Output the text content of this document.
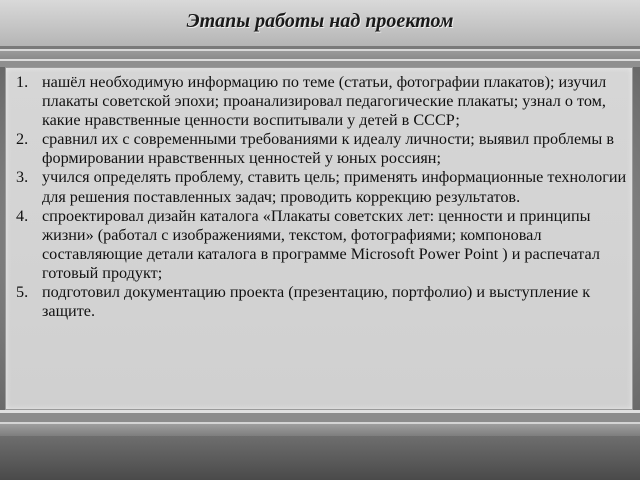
Этапы работы над проектом
нашёл необходимую информацию по теме (статьи, фотографии плакатов); изучил плакаты советской эпохи; проанализировал педагогические плакаты; узнал о том, какие нравственные ценности воспитывали у детей в СССР;
сравнил их с современными требованиями к идеалу личности; выявил проблемы в формировании нравственных ценностей у юных россиян;
учился определять проблему, ставить цель; применять информационные технологии для решения поставленных задач; проводить коррекцию результатов.
спроектировал дизайн каталога «Плакаты советских лет: ценности и принципы жизни» (работал с изображениями, текстом, фотографиями; компоновал составляющие детали каталога в программе Microsoft Power Point ) и распечатал готовый продукт;
подготовил документацию проекта (презентацию, портфолио) и выступление к защите.
